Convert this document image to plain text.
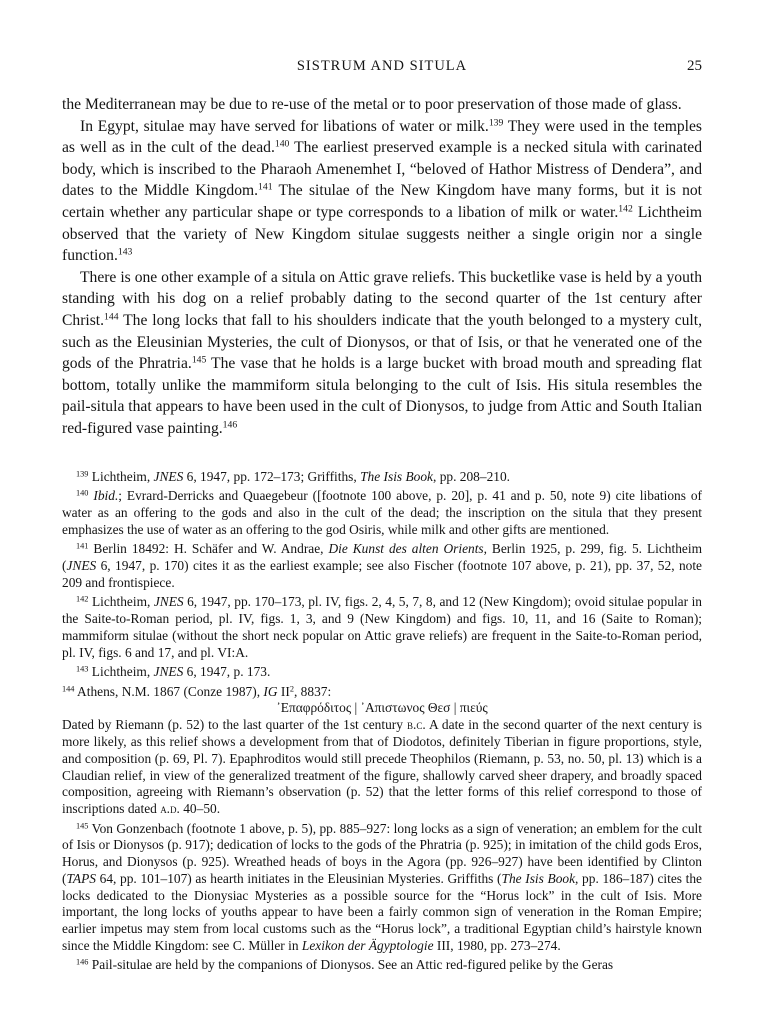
SISTRUM AND SITULA	25

the Mediterranean may be due to re-use of the metal or to poor preservation of those made of glass.

In Egypt, situlae may have served for libations of water or milk.$^{139}$ They were used in the temples as well as in the cult of the dead.$^{140}$ The earliest preserved example is a necked situla with carinated body, which is inscribed to the Pharaoh Amenemhet I, “beloved of Hathor Mistress of Dendera”, and dates to the Middle Kingdom.$^{141}$ The situlae of the New Kingdom have many forms, but it is not certain whether any particular shape or type corresponds to a libation of milk or water.$^{142}$ Lichtheim observed that the variety of New Kingdom situlae suggests neither a single origin nor a single function.$^{143}$

There is one other example of a situla on Attic grave reliefs. This bucketlike vase is held by a youth standing with his dog on a relief probably dating to the second quarter of the 1st century after Christ.$^{144}$ The long locks that fall to his shoulders indicate that the youth belonged to a mystery cult, such as the Eleusinian Mysteries, the cult of Dionysos, or that of Isis, or that he venerated one of the gods of the Phratria.$^{145}$ The vase that he holds is a large bucket with broad mouth and spreading flat bottom, totally unlike the mammiform situla belonging to the cult of Isis. His situla resembles the pail-situla that appears to have been used in the cult of Dionysos, to judge from Attic and South Italian red-figured vase painting.$^{146}$

$^{139}$ Lichtheim, JNES 6, 1947, pp. 172–173; Griffiths, The Isis Book, pp. 208–210.

$^{140}$ Ibid.; Evrard-Derricks and Quaegebeur ([footnote 100 above, p. 20], p. 41 and p. 50, note 9) cite libations of water as an offering to the gods and also in the cult of the dead; the inscription on the situla that they present emphasizes the use of water as an offering to the god Osiris, while milk and other gifts are mentioned.

$^{141}$ Berlin 18492: H. Schäfer and W. Andrae, Die Kunst des alten Orients, Berlin 1925, p. 299, fig. 5. Lichtheim (JNES 6, 1947, p. 170) cites it as the earliest example; see also Fischer (footnote 107 above, p. 21), pp. 37, 52, note 209 and frontispiece.

$^{142}$ Lichtheim, JNES 6, 1947, pp. 170–173, pl. IV, figs. 2, 4, 5, 7, 8, and 12 (New Kingdom); ovoid situlae popular in the Saite-to-Roman period, pl. IV, figs. 1, 3, and 9 (New Kingdom) and figs. 10, 11, and 16 (Saite to Roman); mammiform situlae (without the short neck popular on Attic grave reliefs) are frequent in the Saite-to-Roman period, pl. IV, figs. 6 and 17, and pl. VI:A.

$^{143}$ Lichtheim, JNES 6, 1947, p. 173.

$^{144}$ Athens, N.M. 1867 (Conze 1987), IG $II^2$, 8837:

᾽Επαφρόδιτος | ᾽Απιστωνος Θεσ | πιεύς

Dated by Riemann (p. 52) to the last quarter of the 1st century b.c. A date in the second quarter of the next century is more likely, as this relief shows a development from that of Diodotos, definitely Tiberian in figure proportions, style, and composition (p. 69, Pl. 7). Epaphroditos would still precede Theophilos (Riemann, p. 53, no. 50, pl. 13) which is a Claudian relief, in view of the generalized treatment of the figure, shallowly carved sheer drapery, and broadly spaced composition, agreeing with Riemann’s observation (p. 52) that the letter forms of this relief correspond to those of inscriptions dated a.d. 40–50.

$^{145}$ Von Gonzenbach (footnote 1 above, p. 5), pp. 885–927: long locks as a sign of veneration; an emblem for the cult of Isis or Dionysos (p. 917); dedication of locks to the gods of the Phratria (p. 925); in imitation of the child gods Eros, Horus, and Dionysos (p. 925). Wreathed heads of boys in the Agora (pp. 926–927) have been identified by Clinton (TAPS 64, pp. 101–107) as hearth initiates in the Eleusinian Mysteries. Griffiths (The Isis Book, pp. 186–187) cites the locks dedicated to the Dionysiac Mysteries as a possible source for the “Horus lock” in the cult of Isis. More important, the long locks of youths appear to have been a fairly common sign of veneration in the Roman Empire; earlier impetus may stem from local customs such as the “Horus lock”, a traditional Egyptian child’s hairstyle known since the Middle Kingdom: see C. Müller in Lexikon der Ägyptologie III, 1980, pp. 273–274.

$^{146}$ Pail-situlae are held by the companions of Dionysos. See an Attic red-figured pelike by the Geras
